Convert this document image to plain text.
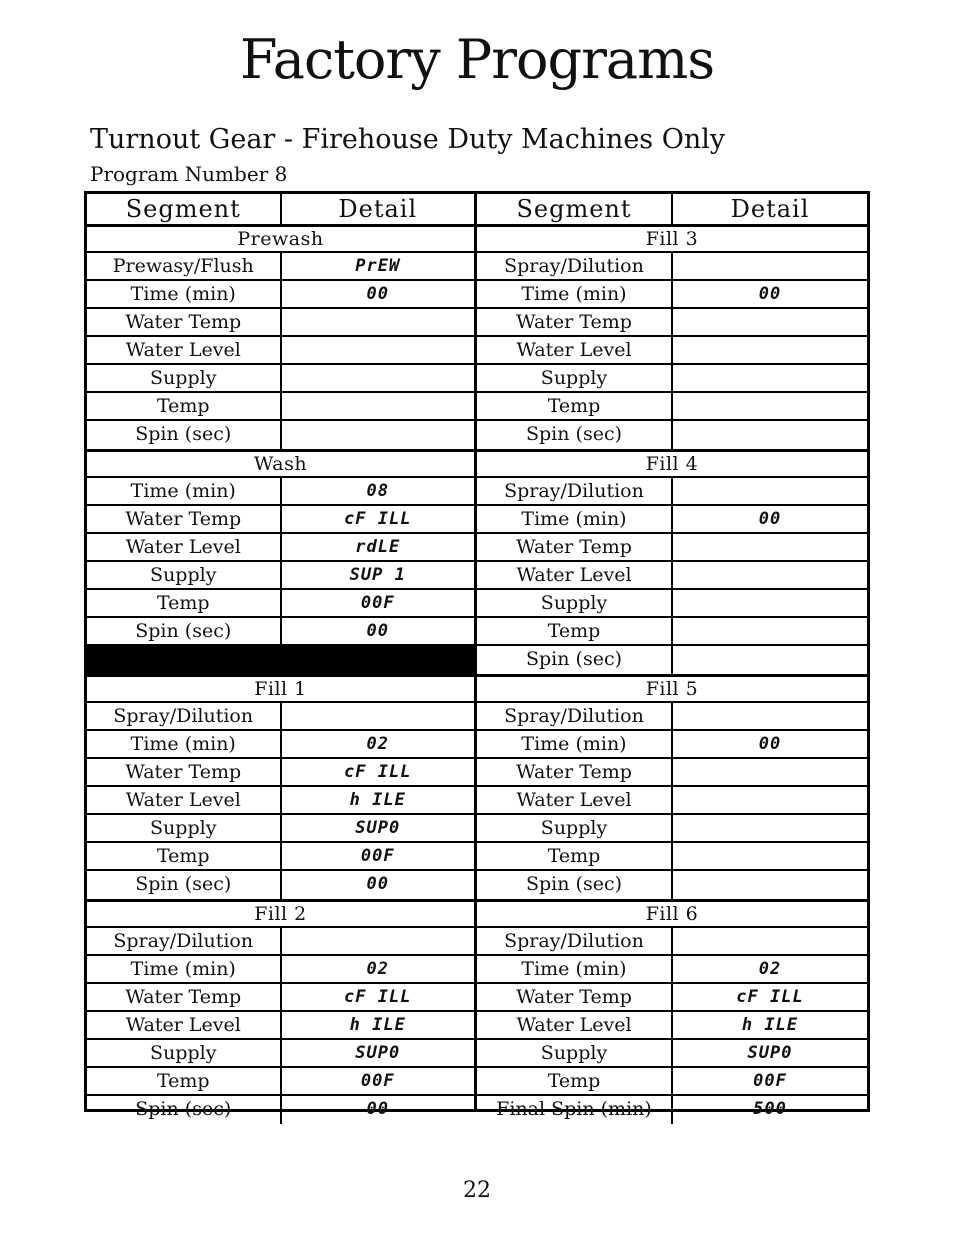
Factory Programs
Turnout Gear - Firehouse Duty Machines Only
Program Number 8
Segment	Detail
Prewash
Prewasy/Flush	PrEW
Time (min)	00
Water Temp
Water Level
Supply
Temp
Spin (sec)
Wash
Time (min)	08
Water Temp	cF ILL
Water Level	rdLE
Supply	SUP 1
Temp	00F
Spin (sec)	00
Fill 1
Spray/Dilution
Time (min)	02
Water Temp	cF ILL
Water Level	h ILE
Supply	SUP0
Temp	00F
Spin (sec)	00
Fill 2
Spray/Dilution
Time (min)	02
Water Temp	cF ILL
Water Level	h ILE
Supply	SUP0
Temp	00F
Spin (sec)	00
Segment	Detail
Fill 3
Spray/Dilution
Time (min)	00
Water Temp
Water Level
Supply
Temp
Spin (sec)
Fill 4
Spray/Dilution
Time (min)	00
Water Temp
Water Level
Supply
Temp
Spin (sec)
Fill 5
Spray/Dilution
Time (min)	00
Water Temp
Water Level
Supply
Temp
Spin (sec)
Fill 6
Spray/Dilution
Time (min)	02
Water Temp	cF ILL
Water Level	h ILE
Supply	SUP0
Temp	00F
Final Spin (min)	500
22
